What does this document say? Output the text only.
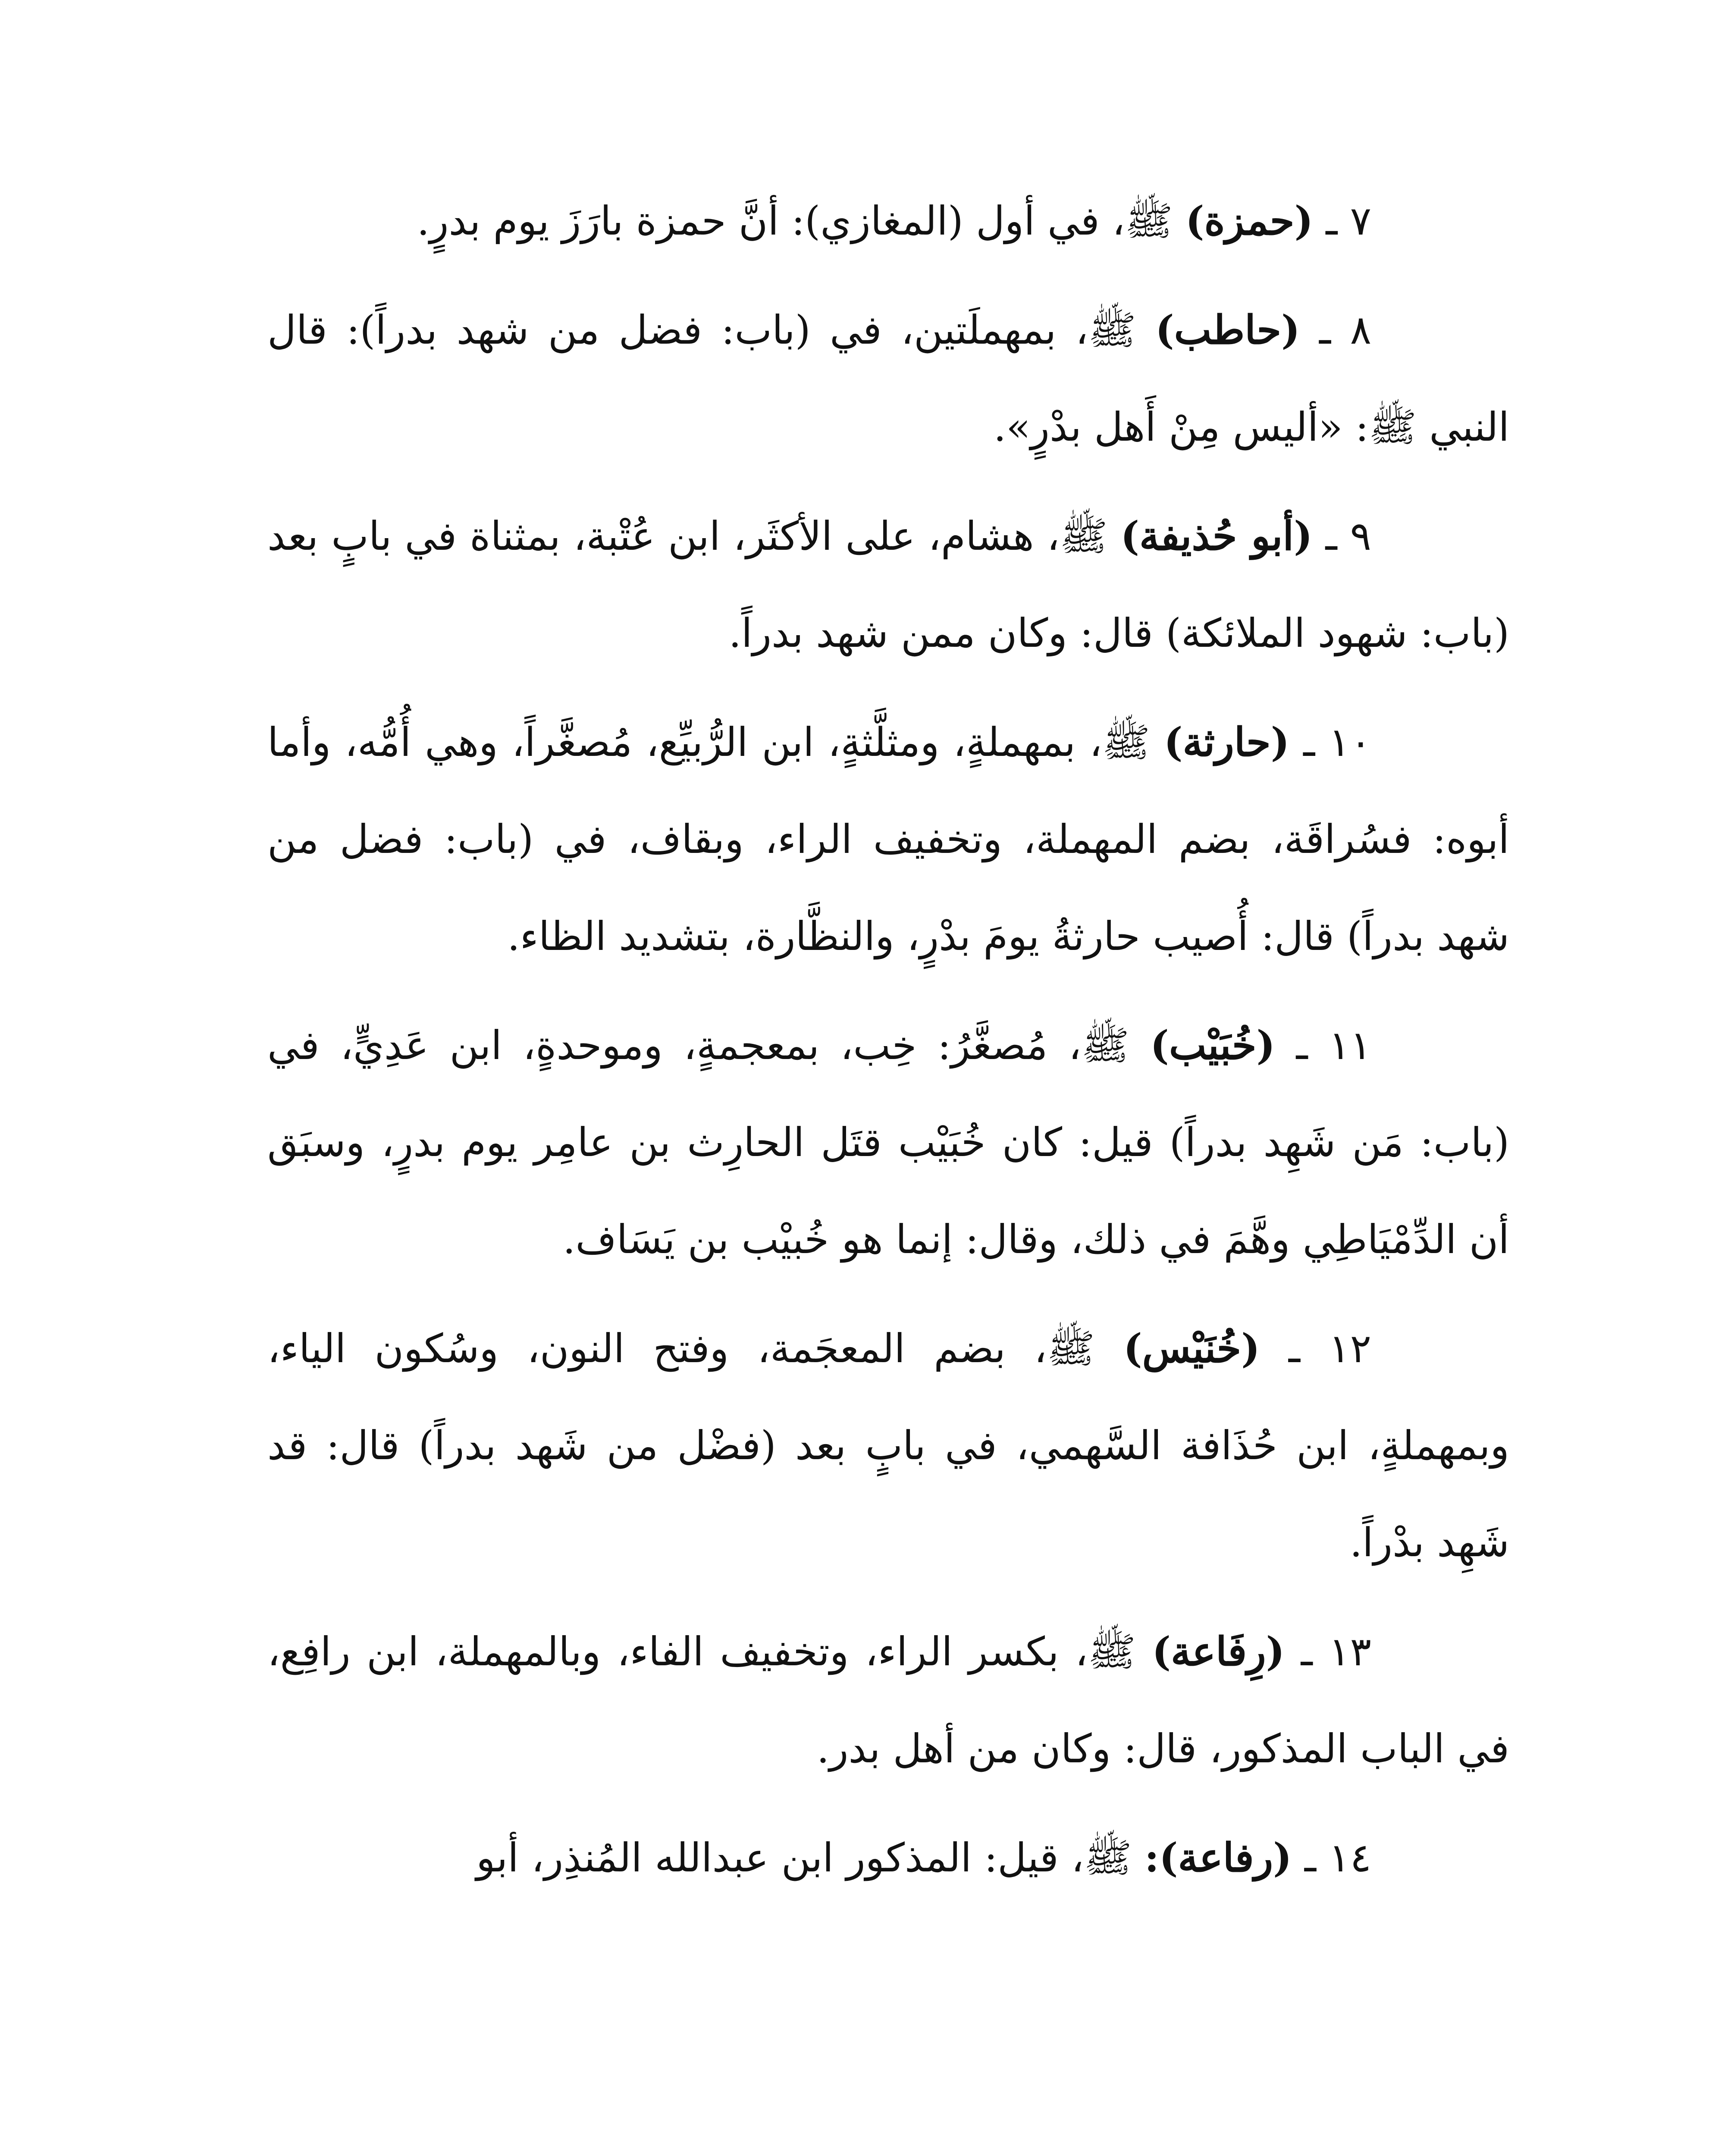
٧ ـ (حمزة) ﷺ، في أول (المغازي): أنَّ حمزة بارَزَ يوم بدرٍ.

٨ ـ (حاطب) ﷺ، بمهملَتين، في (باب: فضل من شهد بدراً): قال النبي ﷺ: «أليس مِنْ أَهل بدْرٍ».

٩ ـ (أبو حُذيفة) ﷺ، هشام، على الأكثَر، ابن عُتْبة، بمثناة في بابٍ بعد (باب: شهود الملائكة) قال: وكان ممن شهد بدراً.

١٠ ـ (حارثة) ﷺ، بمهملةٍ، ومثلَّثةٍ، ابن الرُّبيِّع، مُصغَّراً، وهي أُمُّه، وأما أبوه: فسُراقَة، بضم المهملة، وتخفيف الراء، وبقاف، في (باب: فضل من شهد بدراً) قال: أُصيب حارثةُ يومَ بدْرٍ، والنظَّارة، بتشديد الظاء.

١١ ـ (خُبَيْب) ﷺ، مُصغَّرُ: خِب، بمعجمةٍ، وموحدةٍ، ابن عَدِيٍّ، في (باب: مَن شَهِد بدراً) قيل: كان خُبَيْب قتَل الحارِث بن عامِر يوم بدرٍ، وسبَق أن الدِّمْيَاطِي وهَّمَ في ذلك، وقال: إنما هو خُبيْب بن يَسَاف.

١٢ ـ (خُنَيْس) ﷺ، بضم المعجَمة، وفتح النون، وسُكون الياء، وبمهملةٍ، ابن حُذَافة السَّهمي، في بابٍ بعد (فضْل من شَهد بدراً) قال: قد شَهِد بدْراً.

١٣ ـ (رِفَاعة) ﷺ، بكسر الراء، وتخفيف الفاء، وبالمهملة، ابن رافِع، في الباب المذكور، قال: وكان من أهل بدر.

١٤ ـ (رفاعة): ﷺ، قيل: المذكور ابن عبدالله المُنذِر، أبو
